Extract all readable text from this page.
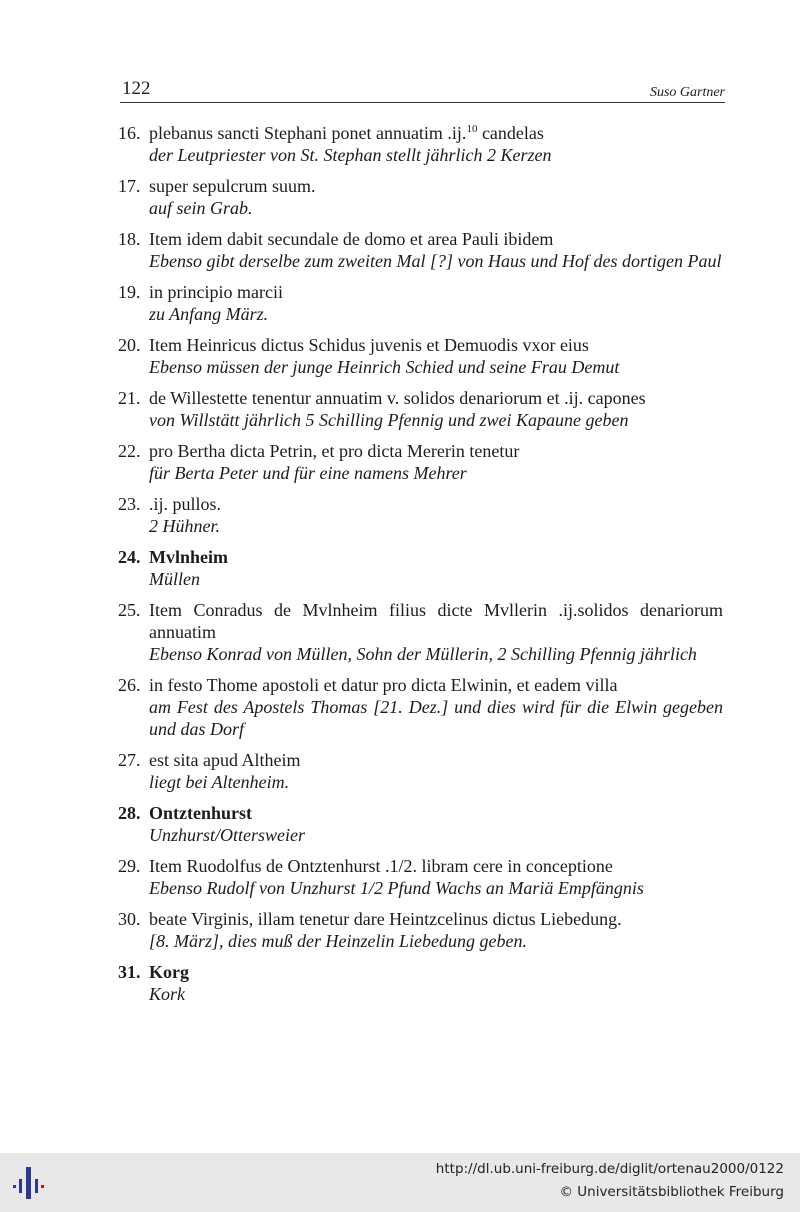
122	Suso Gartner
16. plebanus sancti Stephani ponet annuatim .ij.$^{10}$ candelas
der Leutpriester von St. Stephan stellt jährlich 2 Kerzen
17. super sepulcrum suum.
auf sein Grab.
18. Item idem dabit secundale de domo et area Pauli ibidem
Ebenso gibt derselbe zum zweiten Mal [?] von Haus und Hof des dortigen Paul
19. in principio marcii
zu Anfang März.
20. Item Heinricus dictus Schidus juvenis et Demuodis vxor eius
Ebenso müssen der junge Heinrich Schied und seine Frau Demut
21. de Willestette tenentur annuatim v. solidos denariorum et .ij. capones
von Willstätt jährlich 5 Schilling Pfennig und zwei Kapaune geben
22. pro Bertha dicta Petrin, et pro dicta Mererin tenetur
für Berta Peter und für eine namens Mehrer
23. .ij. pullos.
2 Hühner.
24. Mvlnheim
Müllen
25. Item Conradus de Mvlnheim filius dicte Mvllerin .ij.solidos denariorum annuatim
Ebenso Konrad von Müllen, Sohn der Müllerin, 2 Schilling Pfennig jährlich
26. in festo Thome apostoli et datur pro dicta Elwinin, et eadem villa
am Fest des Apostels Thomas [21. Dez.] und dies wird für die Elwin gegeben und das Dorf
27. est sita apud Altheim
liegt bei Altenheim.
28. Ontztenhurst
Unzhurst/Ottersweier
29. Item Ruodolfus de Ontztenhurst .1/2. libram cere in conceptione
Ebenso Rudolf von Unzhurst 1/2 Pfund Wachs an Mariä Empfängnis
30. beate Virginis, illam tenetur dare Heintzcelinus dictus Liebedung.
[8. März], dies muß der Heinzelin Liebedung geben.
31. Korg
Kork
http://dl.ub.uni-freiburg.de/diglit/ortenau2000/0122
© Universitätsbibliothek Freiburg
